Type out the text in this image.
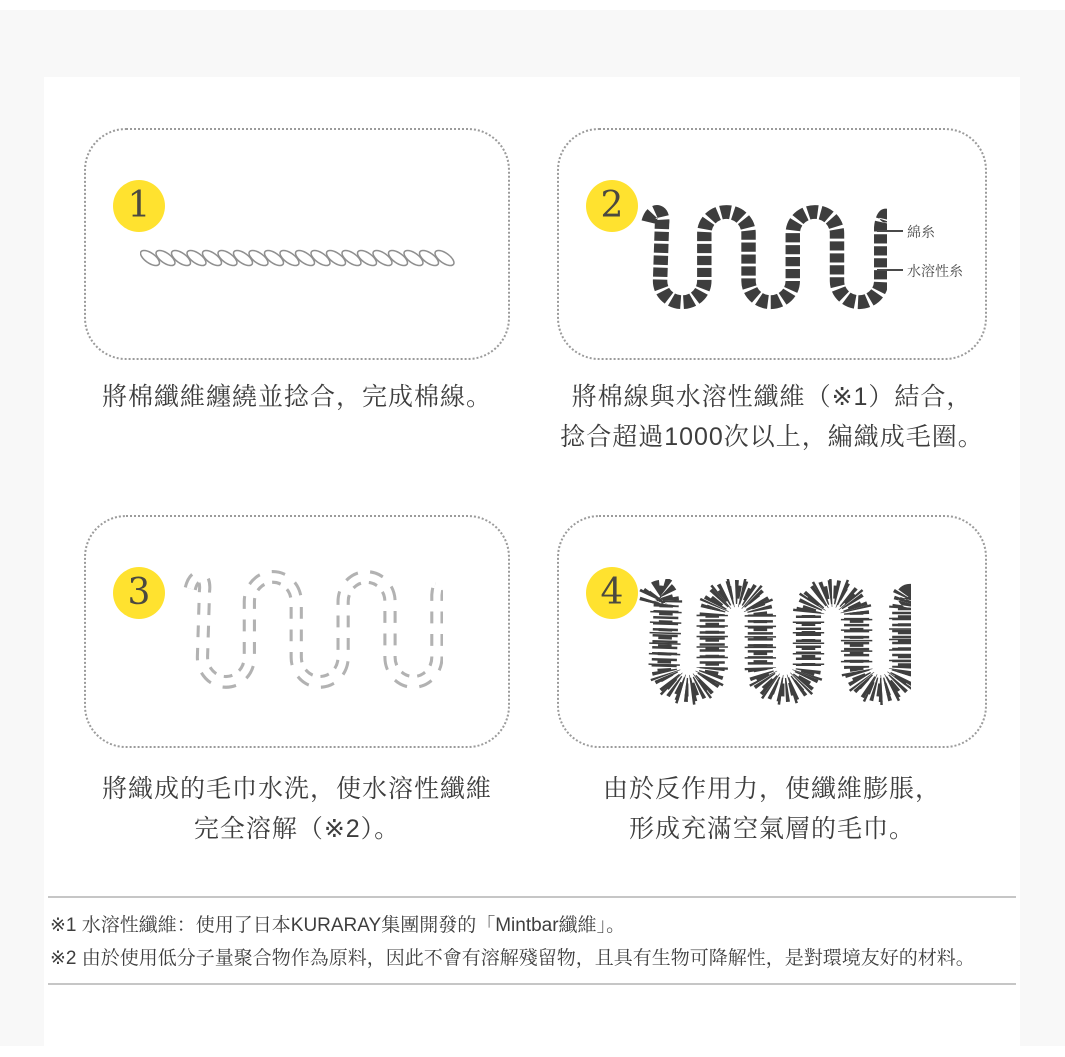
1	2
綿糸
水溶性糸
3	4
將棉纖維纏繞並捻合，完成棉線。	將棉線與水溶性纖維（※1）結合，
捻合超過1000次以上，編織成毛圈。
將織成的毛巾水洗，使水溶性纖維
完全溶解（※2）。
由於反作用力，使纖維膨脹，
形成充滿空氣層的毛巾。
※1 水溶性纖維：使用了日本KURARAY集團開發的「Mintbar纖維」。
※2 由於使用低分子量聚合物作為原料，因此不會有溶解殘留物，且具有生物可降解性，是對環境友好的材料。
